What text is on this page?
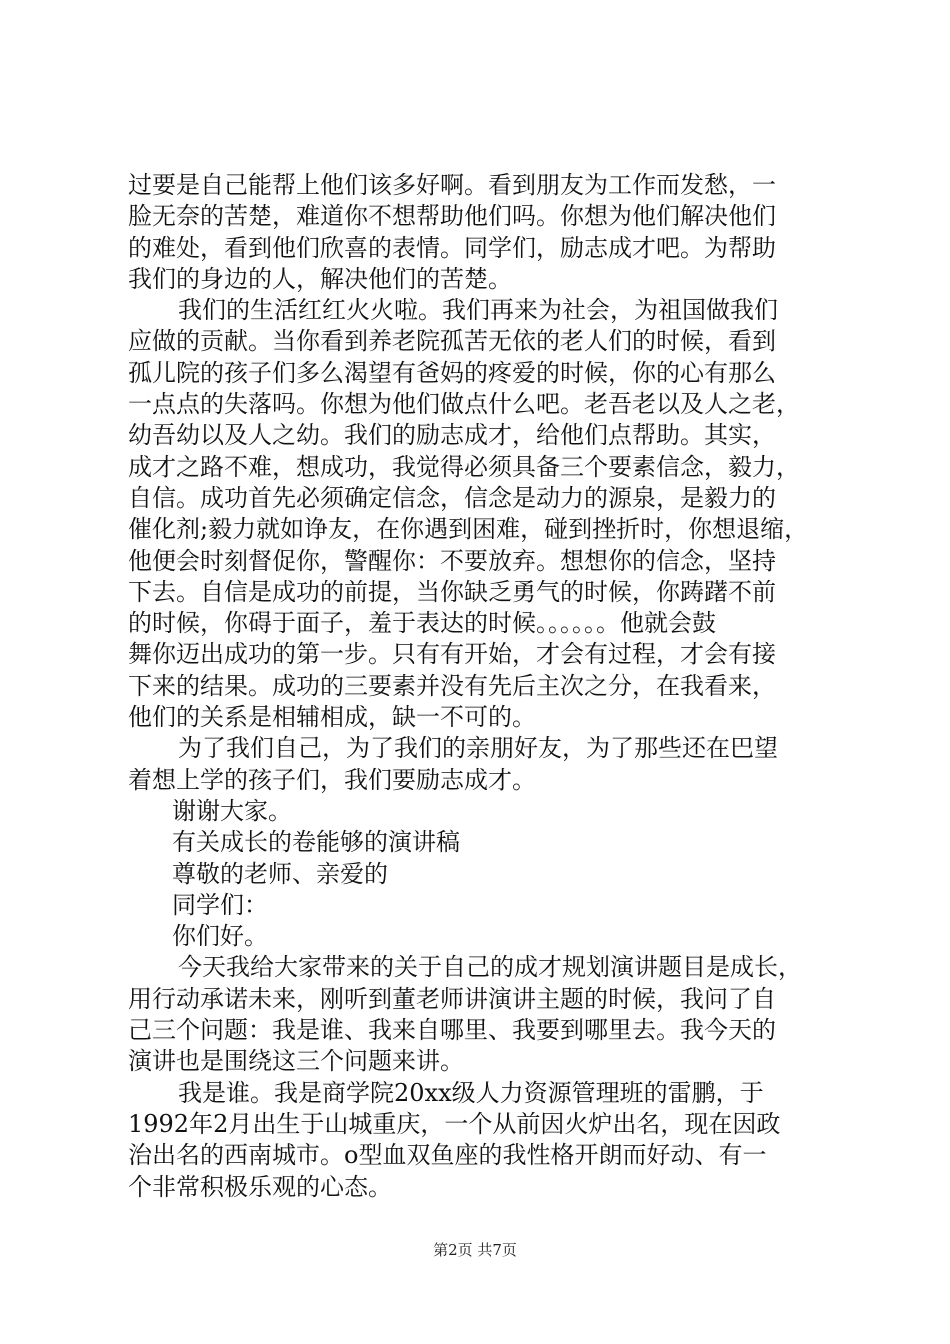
过要是自己能帮上他们该多好啊。看到朋友为工作而发愁，一
脸无奈的苦楚，难道你不想帮助他们吗。你想为他们解决他们
的难处，看到他们欣喜的表情。同学们，励志成才吧。为帮助
我们的身边的人，解决他们的苦楚。
我们的生活红红火火啦。我们再来为社会，为祖国做我们
应做的贡献。当你看到养老院孤苦无依的老人们的时候，看到
孤儿院的孩子们多么渴望有爸妈的疼爱的时候，你的心有那么
一点点的失落吗。你想为他们做点什么吧。老吾老以及人之老，
幼吾幼以及人之幼。我们的励志成才，给他们点帮助。其实，
成才之路不难，想成功，我觉得必须具备三个要素信念，毅力，
自信。成功首先必须确定信念，信念是动力的源泉，是毅力的
催化剂;毅力就如诤友，在你遇到困难，碰到挫折时，你想退缩，
他便会时刻督促你，警醒你：不要放弃。想想你的信念，坚持
下去。自信是成功的前提，当你缺乏勇气的时候，你踌躇不前
的时候，你碍于面子，羞于表达的时候。。。。。。他就会鼓
舞你迈出成功的第一步。只有有开始，才会有过程，才会有接
下来的结果。成功的三要素并没有先后主次之分，在我看来，
他们的关系是相辅相成，缺一不可的。
为了我们自己，为了我们的亲朋好友，为了那些还在巴望
着想上学的孩子们，我们要励志成才。
谢谢大家。
有关成长的卷能够的演讲稿
尊敬的老师、亲爱的
同学们：
你们好。
今天我给大家带来的关于自己的成才规划演讲题目是成长，
用行动承诺未来，刚听到董老师讲演讲主题的时候，我问了自
己三个问题：我是谁、我来自哪里、我要到哪里去。我今天的
演讲也是围绕这三个问题来讲。
我是谁。我是商学院20xx级人力资源管理班的雷鹏，于
1992年2月出生于山城重庆，一个从前因火炉出名，现在因政
治出名的西南城市。o型血双鱼座的我性格开朗而好动、有一
个非常积极乐观的心态。
第2页 共7页
